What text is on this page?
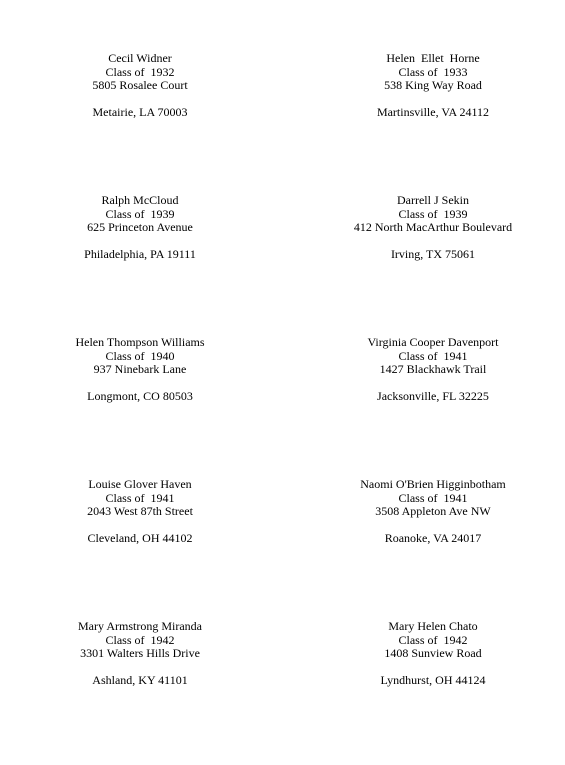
Cecil Widner
Class of  1932
5805 Rosalee Court
Metairie, LA 70003
Helen  Ellet  Horne
Class of  1933
538 King Way Road
Martinsville, VA 24112
Ralph McCloud
Class of  1939
625 Princeton Avenue
Philadelphia, PA 19111
Darrell J Sekin
Class of  1939
412 North MacArthur Boulevard
Irving, TX 75061
Helen Thompson Williams
Class of  1940
937 Ninebark Lane
Longmont, CO 80503
Virginia Cooper Davenport
Class of  1941
1427 Blackhawk Trail
Jacksonville, FL 32225
Louise Glover Haven
Class of  1941
2043 West 87th Street
Cleveland, OH 44102
Naomi O'Brien Higginbotham
Class of  1941
3508 Appleton Ave NW
Roanoke, VA 24017
Mary Armstrong Miranda
Class of  1942
3301 Walters Hills Drive
Ashland, KY 41101
Mary Helen Chato
Class of  1942
1408 Sunview Road
Lyndhurst, OH 44124
